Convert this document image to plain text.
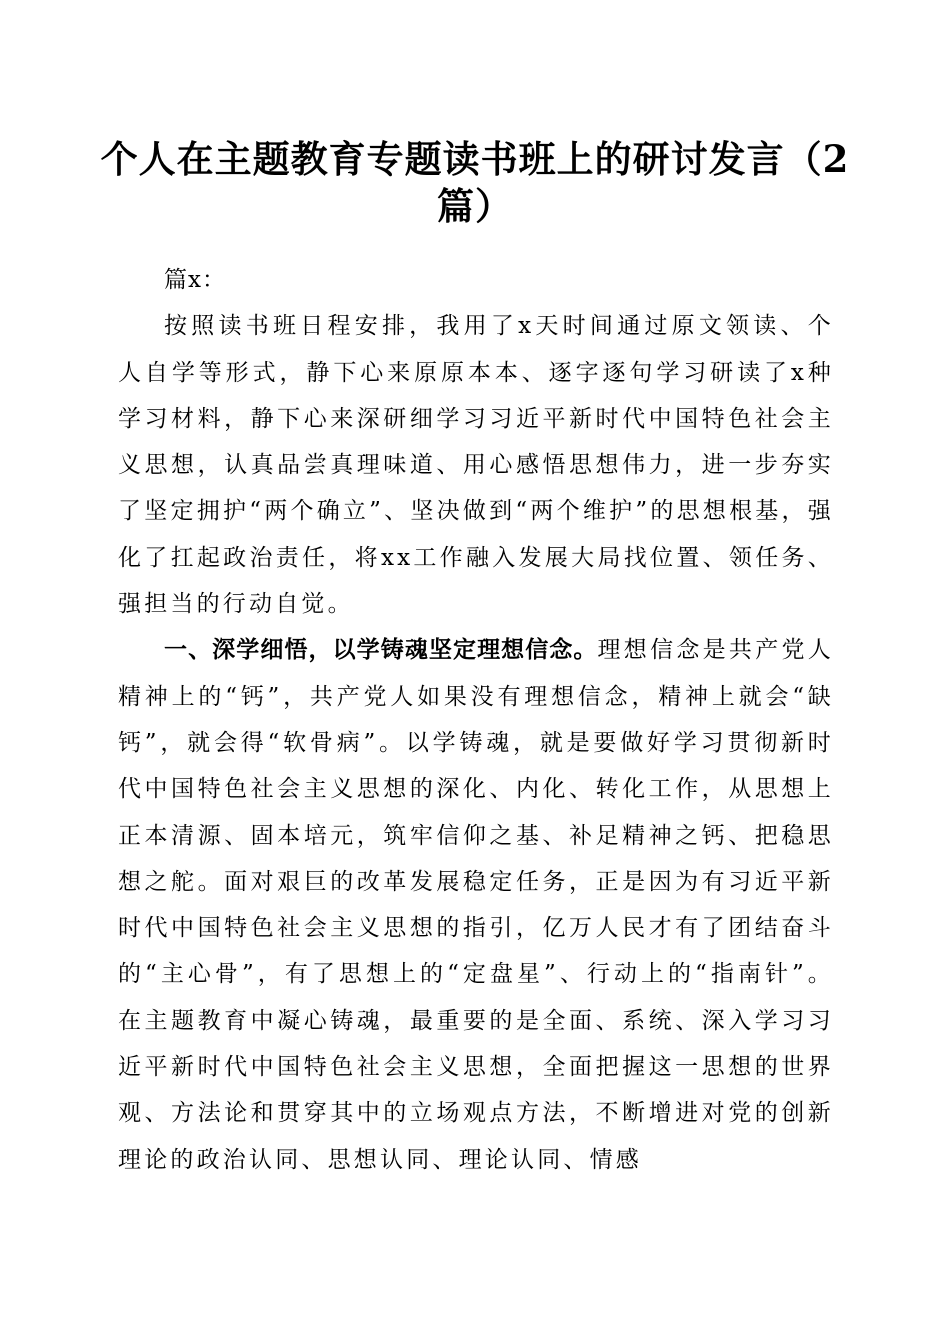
个人在主题教育专题读书班上的研讨发言（2篇）

篇x：

按照读书班日程安排，我用了x天时间通过原文领读、个人自学等形式，静下心来原原本本、逐字逐句学习研读了x种学习材料，静下心来深研细学习习近平新时代中国特色社会主义思想，认真品尝真理味道、用心感悟思想伟力，进一步夯实了坚定拥护“两个确立”、坚决做到“两个维护”的思想根基，强化了扛起政治责任，将xx工作融入发展大局找位置、领任务、强担当的行动自觉。

一、深学细悟，以学铸魂坚定理想信念。理想信念是共产党人精神上的“钙”，共产党人如果没有理想信念，精神上就会“缺钙”，就会得“软骨病”。以学铸魂，就是要做好学习贯彻新时代中国特色社会主义思想的深化、内化、转化工作，从思想上正本清源、固本培元，筑牢信仰之基、补足精神之钙、把稳思想之舵。面对艰巨的改革发展稳定任务，正是因为有习近平新时代中国特色社会主义思想的指引，亿万人民才有了团结奋斗的“主心骨”，有了思想上的“定盘星”、行动上的“指南针”。在主题教育中凝心铸魂，最重要的是全面、系统、深入学习习近平新时代中国特色社会主义思想，全面把握这一思想的世界观、方法论和贯穿其中的立场观点方法，不断增进对党的创新理论的政治认同、思想认同、理论认同、情感
